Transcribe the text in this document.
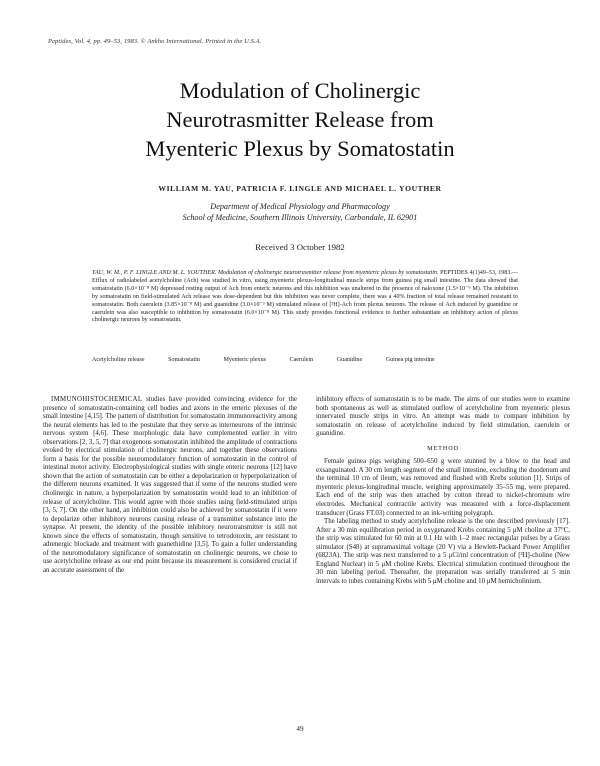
Peptides, Vol. 4, pp. 49–53, 1983. © Ankho International. Printed in the U.S.A.
Modulation of Cholinergic
Neurotrasmitter Release from
Myenteric Plexus by Somatostatin
WILLIAM M. YAU, PATRICIA F. LINGLE AND MICHAEL L. YOUTHER
Department of Medical Physiology and Pharmacology
School of Medicine, Southern Illinois University, Carbondale, IL 62901
Received 3 October 1982
YAU, W. M., P. F. LINGLE AND M. L. YOUTHER. Modulation of cholinergic neurotrasmitter release from myenteric plexus by somatostatin. PEPTIDES 4(1)49–53, 1983.—Efflux of radiolabeled acetylcholine (Ach) was studied in vitro, using myenteric plexus-longitudinal muscle strips from guinea pig small intestine. The data showed that somatostatin (6.0×10⁻⁸ M) depressed resting output of Ach from enteric neurons and this inhibition was unaltered in the presence of naloxone (1.5×10⁻⁶ M). The inhibition by somatostatin on field-stimulated Ach release was dose-dependent but this inhibition was never complete, there was a 40% fraction of total release remained resistant to somatostatin. Both caerulein (3.85×10⁻⁸ M) and guanidine (3.0×10⁻³ M) stimulated release of [³H]-Ach from plexus neurons. The release of Ach induced by guanidine or caerulein was also susceptible to inhibition by somatostatin (6.0×10⁻⁸ M). This study provides functional evidence to further substantiate an inhibitory action of plexus cholinergic neurons by somatostatin.
Acetylcholine release	Somatostatin	Myenteric plexus	Caerulein	Guanidine	Guinea pig intestine

IMMUNOHISTOCHEMICAL studies have provided convincing evidence for the presence of somatostatin-containing cell bodies and axons in the enteric plexuses of the small intestine [4,15]. The pattern of distribution for somatostatin immunoreactivity among the neural elements has led to the postulate that they serve as interneurons of the intrinsic nervous system [4,6]. These morphologic data have complemented earlier in vitro observations [2, 3, 5, 7] that exogenous somatostatin inhibited the amplitude of contractions evoked by electrical stimulation of cholinergic neurons, and together these observations form a basis for the possible neuromodulatory function of somatostatin in the control of intestinal motor activity. Electrophysiological studies with single enteric neurons [12] have shown that the action of somatostatin can be either a depolarization or hyperpolarization of the different neurons examined. It was suggested that if some of the neurons studied were cholinergic in nature, a hyperpolarization by somatostatin would lead to an inhibition of release of acetylcholine. This would agree with those studies using field-stimulated strips [3, 5, 7]. On the other hand, an inhibition could also be achieved by somatostatin if it were to depolarize other inhibitory neurons causing release of a transmitter substance into the synapse. At present, the identity of the possible inhibitory neurotransmitter is still not known since the effects of somatostatin, though sensitive to tetrodotoxin, are resistant to adrenergic blockade and treatment with guanethidine [3,5]. To gain a fuller understanding of the neuromodulatory significance of somatostatin on cholinergic neurons, we chose to use acetylcholine release as our end point because its measurement is considered crucial if an accurate assessment of the

inhibitory effects of somatostatin is to be made. The aims of our studies were to examine both spontaneous as well as stimulated outflow of acetylcholine from myenteric plexus innervated muscle strips in vitro. An attempt was made to compare inhibition by somatostatin on release of acetylcholine induced by field stimulation, caerulein or guanidine.

METHOD

Female guinea pigs weighing 500–650 g were stunned by a blow to the head and exsanguinated. A 30 cm length segment of the small intestine, excluding the duodenum and the terminal 10 cm of ileum, was removed and flushed with Krebs solution [1]. Strips of myenteric plexus-longitudinal muscle, weighing approximately 35–55 mg, were prepared. Each end of the strip was then attached by cotton thread to nickel-chromium wire electrodes. Mechanical contractile activity was measured with a force-displacement transducer (Grass FT.03) connected to an ink-writing polygraph.

The labeling method to study acetylcholine release is the one described previously [17]. After a 30 min equilibration period in oxygenated Krebs containing 5 μM choline at 37°C, the strip was stimulated for 60 min at 0.1 Hz with 1–2 msec rectangular pulses by a Grass stimulator (S48) at supramaximal voltage (20 V) via a Hewlett-Packard Power Amplifier (6823A). The strip was next transferred to a 5 μCi/ml concentration of [³H]-choline (New England Nuclear) in 5 μM choline Krebs. Electrical stimulation continued throughout the 30 min labeling period. Thereafter, the preparation was serially transferred at 5 min intervals to tubes containing Krebs with 5 μM choline and 10 μM hemicholinium.

49
